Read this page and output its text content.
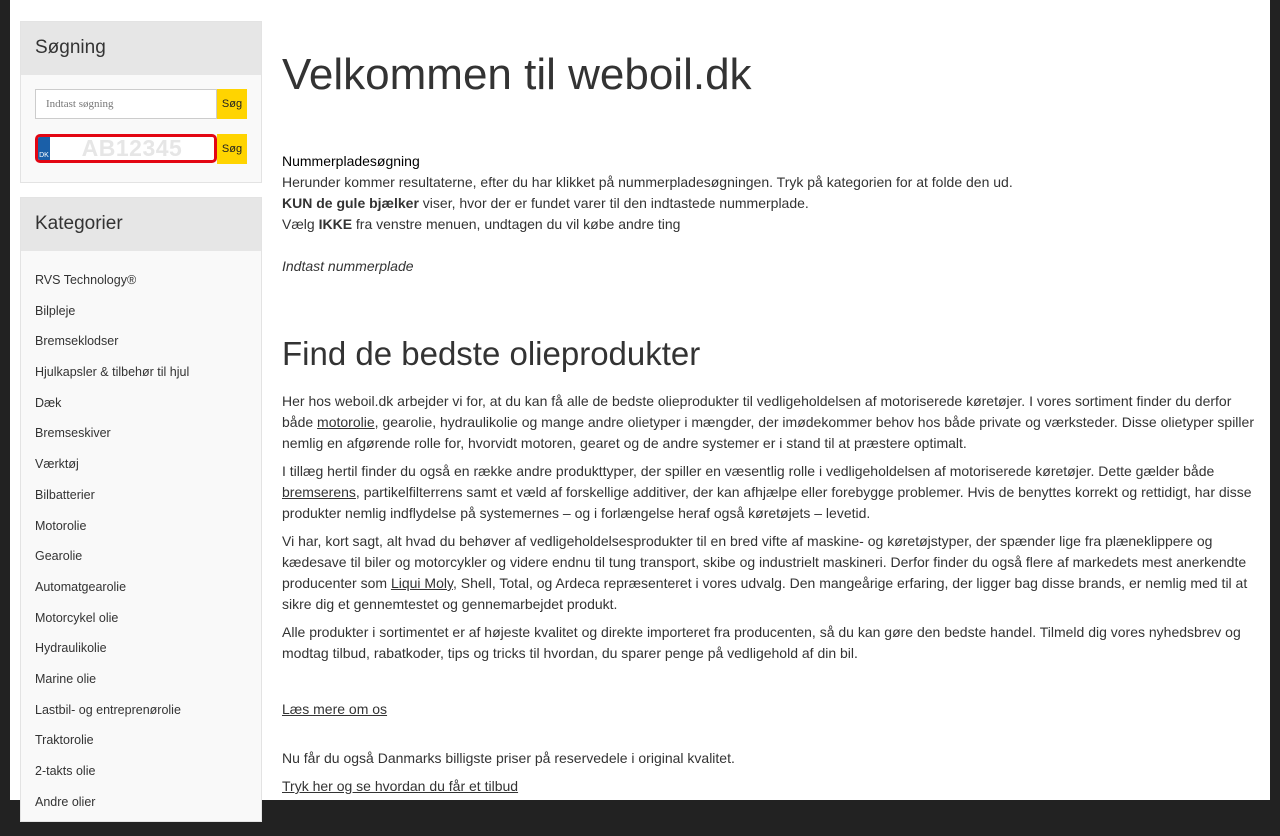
Søgning
Indtast søgning
Søg
DK	AB12345	Søg
Kategorier
RVS Technology®
Bilpleje
Bremseklodser
Hjulkapsler & tilbehør til hjul
Dæk
Bremseskiver
Værktøj
Bilbatterier
Motorolie
Gearolie
Automatgearolie
Motorcykel olie
Hydraulikolie
Marine olie
Lastbil- og entreprenørolie
Traktorolie
2-takts olie
Andre olier
Velkommen til weboil.dk
Nummerpladesøgning
Herunder kommer resultaterne, efter du har klikket på nummerpladesøgningen. Tryk på kategorien for at folde den ud.
KUN de gule bjælker viser, hvor der er fundet varer til den indtastede nummerplade.
Vælg IKKE fra venstre menuen, undtagen du vil købe andre ting
Indtast nummerplade
Find de bedste olieprodukter

Her hos weboil.dk arbejder vi for, at du kan få alle de bedste olieprodukter til vedligeholdelsen af motoriserede køretøjer. I vores sortiment finder du derfor både motorolie, gearolie, hydraulikolie og mange andre olietyper i mængder, der imødekommer behov hos både private og værksteder. Disse olietyper spiller nemlig en afgørende rolle for, hvorvidt motoren, gearet og de andre systemer er i stand til at præstere optimalt.

I tillæg hertil finder du også en række andre produkttyper, der spiller en væsentlig rolle i vedligeholdelsen af motoriserede køretøjer. Dette gælder både bremserens, partikelfilterrens samt et væld af forskellige additiver, der kan afhjælpe eller forebygge problemer. Hvis de benyttes korrekt og rettidigt, har disse produkter nemlig indflydelse på systemernes – og i forlængelse heraf også køretøjets – levetid.

Vi har, kort sagt, alt hvad du behøver af vedligeholdelsesprodukter til en bred vifte af maskine- og køretøjstyper, der spænder lige fra plæneklippere og kædesave til biler og motorcykler og videre endnu til tung transport, skibe og industrielt maskineri. Derfor finder du også flere af markedets mest anerkendte producenter som Liqui Moly, Shell, Total, og Ardeca repræsenteret i vores udvalg. Den mangeårige erfaring, der ligger bag disse brands, er nemlig med til at sikre dig et gennemtestet og gennemarbejdet produkt.

Alle produkter i sortimentet er af højeste kvalitet og direkte importeret fra producenten, så du kan gøre den bedste handel. Tilmeld dig vores nyhedsbrev og modtag tilbud, rabatkoder, tips og tricks til hvordan, du sparer penge på vedligehold af din bil.

Læs mere om os
Nu får du også Danmarks billigste priser på reservedele i original kvalitet.
Tryk her og se hvordan du får et tilbud
